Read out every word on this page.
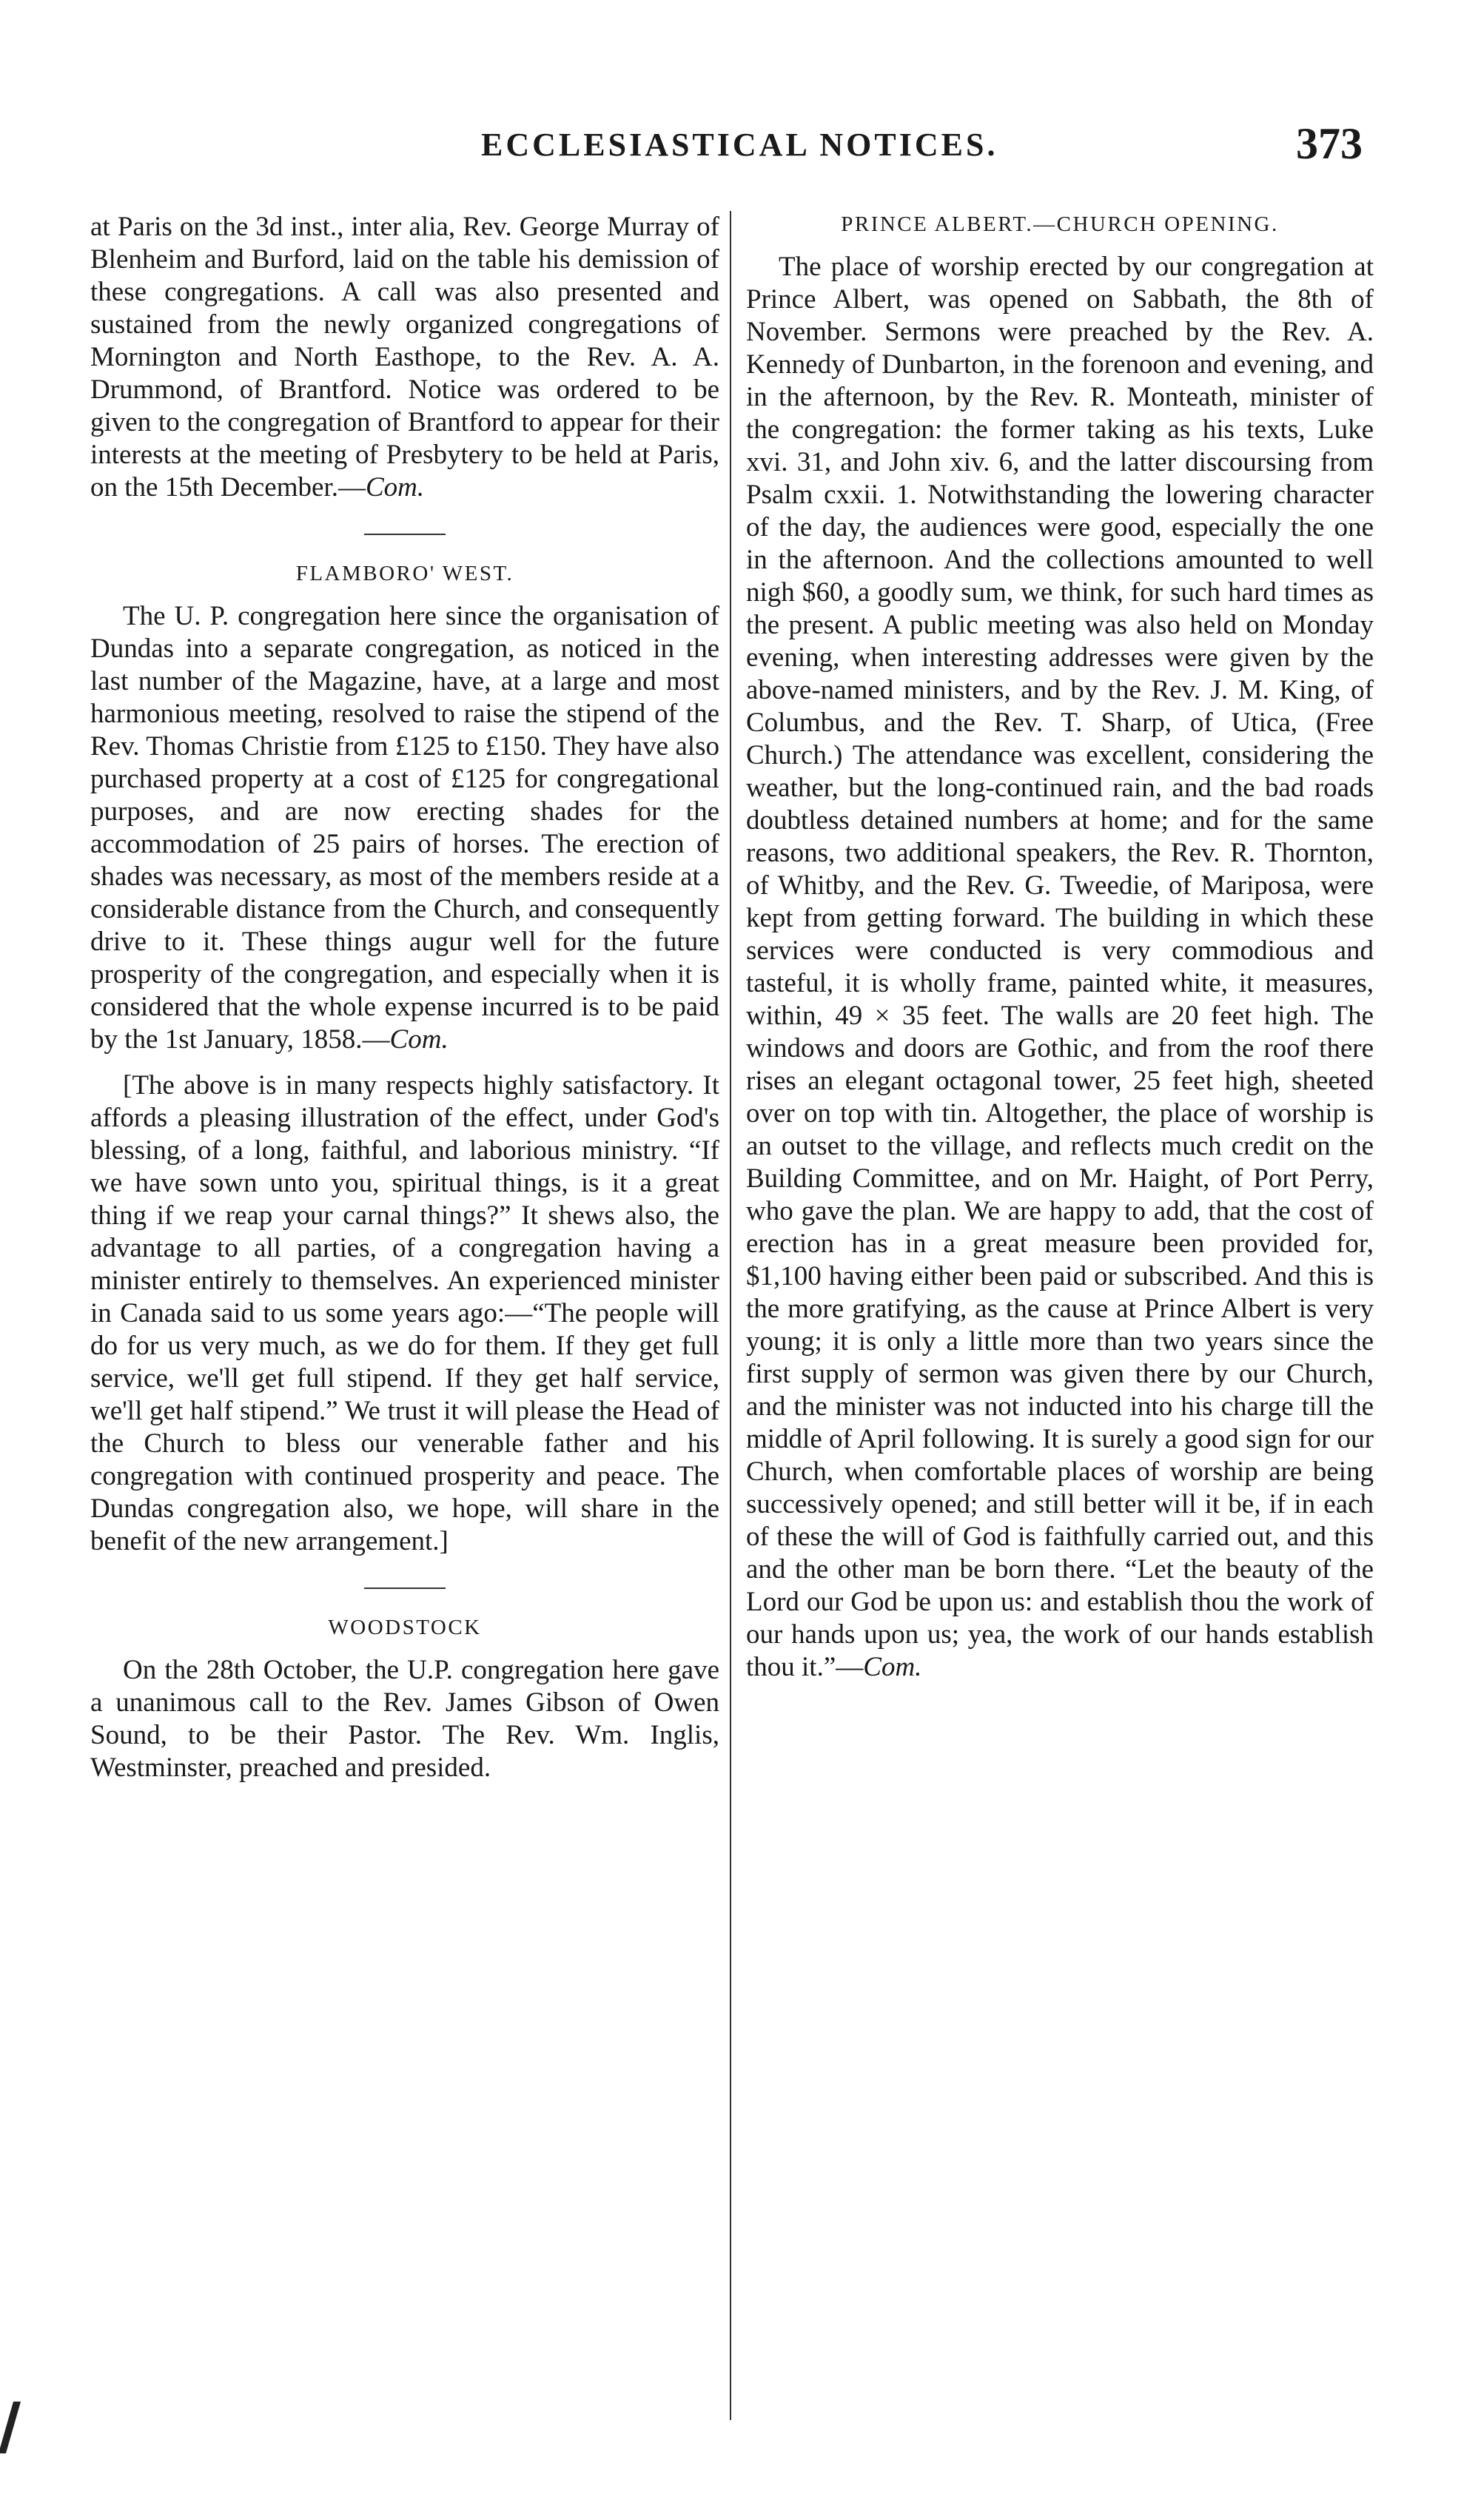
ECCLESIASTICAL NOTICES.	373

at Paris on the 3d inst., inter alia, Rev. George Murray of Blenheim and Burford, laid on the table his demission of these congregations. A call was also presented and sustained from the newly organized congregations of Mornington and North Easthope, to the Rev. A. A. Drummond, of Brantford. Notice was ordered to be given to the congregation of Brantford to appear for their interests at the meeting of Presbytery to be held at Paris, on the 15th December.—Com.

FLAMBORO' WEST.

The U. P. congregation here since the organisation of Dundas into a separate congregation, as noticed in the last number of the Magazine, have, at a large and most harmonious meeting, resolved to raise the stipend of the Rev. Thomas Christie from £125 to £150. They have also purchased property at a cost of £125 for congregational purposes, and are now erecting shades for the accommodation of 25 pairs of horses. The erection of shades was necessary, as most of the members reside at a considerable distance from the Church, and consequently drive to it. These things augur well for the future prosperity of the congregation, and especially when it is considered that the whole expense incurred is to be paid by the 1st January, 1858.—Com.

[The above is in many respects highly satisfactory. It affords a pleasing illustration of the effect, under God's blessing, of a long, faithful, and laborious ministry. “If we have sown unto you, spiritual things, is it a great thing if we reap your carnal things?” It shews also, the advantage to all parties, of a congregation having a minister entirely to themselves. An experienced minister in Canada said to us some years ago:—“The people will do for us very much, as we do for them. If they get full service, we'll get full stipend. If they get half service, we'll get half stipend.” We trust it will please the Head of the Church to bless our venerable father and his congregation with continued prosperity and peace. The Dundas congregation also, we hope, will share in the benefit of the new arrangement.]

WOODSTOCK

On the 28th October, the U.P. congregation here gave a unanimous call to the Rev. James Gibson of Owen Sound, to be their Pastor. The Rev. Wm. Inglis, Westminster, preached and presided.

PRINCE ALBERT.—CHURCH OPENING.

The place of worship erected by our congregation at Prince Albert, was opened on Sabbath, the 8th of November. Sermons were preached by the Rev. A. Kennedy of Dunbarton, in the forenoon and evening, and in the afternoon, by the Rev. R. Monteath, minister of the congregation: the former taking as his texts, Luke xvi. 31, and John xiv. 6, and the latter discoursing from Psalm cxxii. 1. Notwithstanding the lowering character of the day, the audiences were good, especially the one in the afternoon. And the collections amounted to well nigh $60, a goodly sum, we think, for such hard times as the present. A public meeting was also held on Monday evening, when interesting addresses were given by the above-named ministers, and by the Rev. J. M. King, of Columbus, and the Rev. T. Sharp, of Utica, (Free Church.) The attendance was excellent, considering the weather, but the long-continued rain, and the bad roads doubtless detained numbers at home; and for the same reasons, two additional speakers, the Rev. R. Thornton, of Whitby, and the Rev. G. Tweedie, of Mariposa, were kept from getting forward. The building in which these services were conducted is very commodious and tasteful, it is wholly frame, painted white, it measures, within, 49 × 35 feet. The walls are 20 feet high. The windows and doors are Gothic, and from the roof there rises an elegant octagonal tower, 25 feet high, sheeted over on top with tin. Altogether, the place of worship is an outset to the village, and reflects much credit on the Building Committee, and on Mr. Haight, of Port Perry, who gave the plan. We are happy to add, that the cost of erection has in a great measure been provided for, $1,100 having either been paid or subscribed. And this is the more gratifying, as the cause at Prince Albert is very young; it is only a little more than two years since the first supply of sermon was given there by our Church, and the minister was not inducted into his charge till the middle of April following. It is surely a good sign for our Church, when comfortable places of worship are being successively opened; and still better will it be, if in each of these the will of God is faithfully carried out, and this and the other man be born there. “Let the beauty of the Lord our God be upon us: and establish thou the work of our hands upon us; yea, the work of our hands establish thou it.”—Com.
